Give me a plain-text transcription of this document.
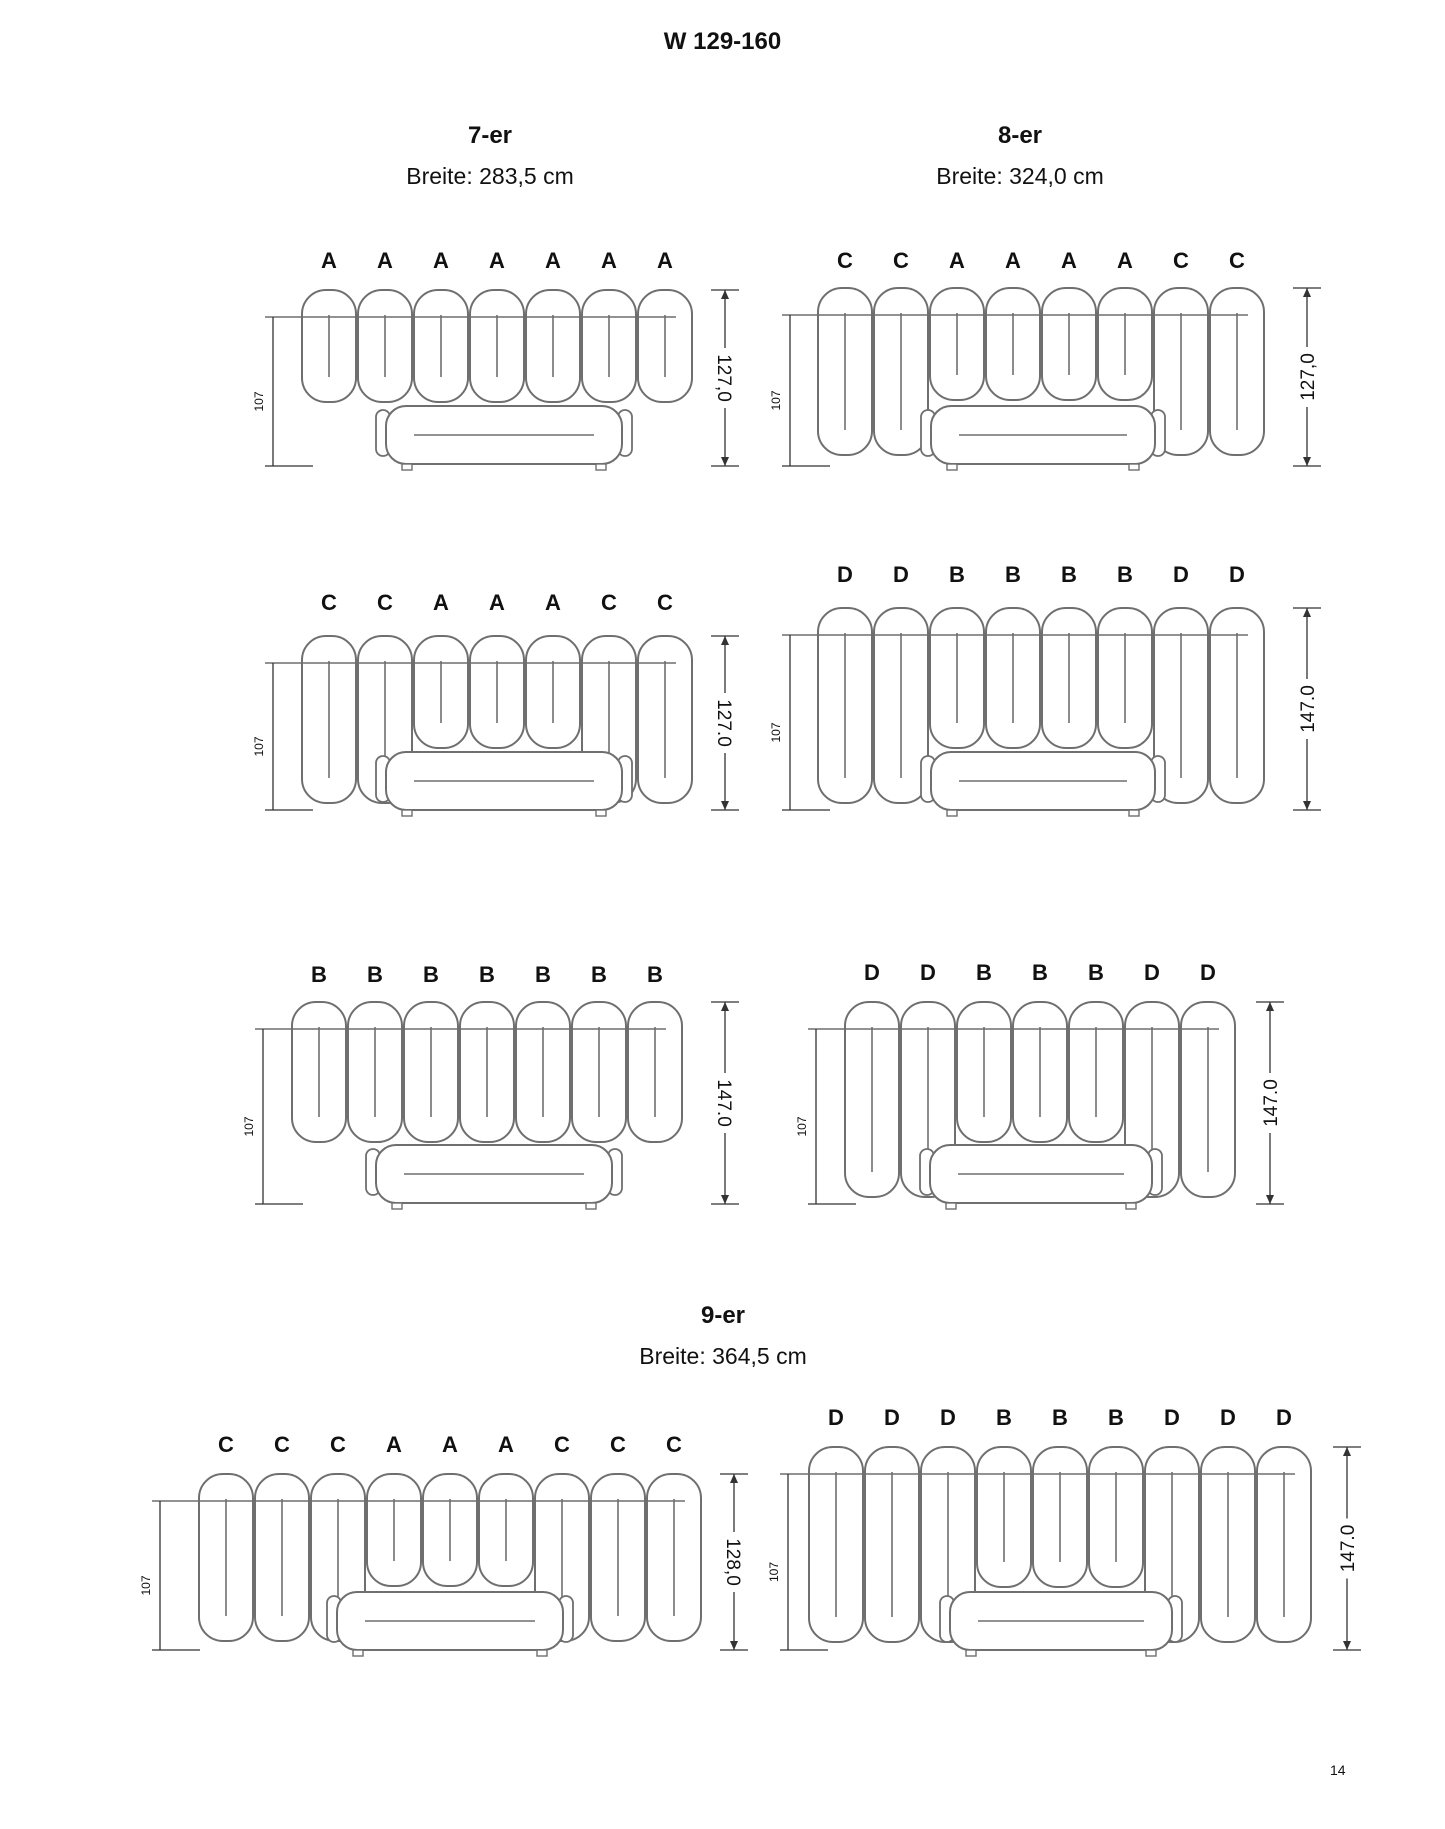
W 129-160
7-er
Breite: 283,5 cm
8-er
Breite: 324,0 cm
9-er
Breite: 364,5 cm
107	127,0
A A A A A A A
107	127,0
C C A A A A C C
107	127.0
C C A A A C C
107	147.0
D D B B B B D D
107	147.0
B B B B B B B
107	147.0
D D B B B D D
107	128,0
C C C A A A C C C
107	147.0
D D D B B B D D D
14
